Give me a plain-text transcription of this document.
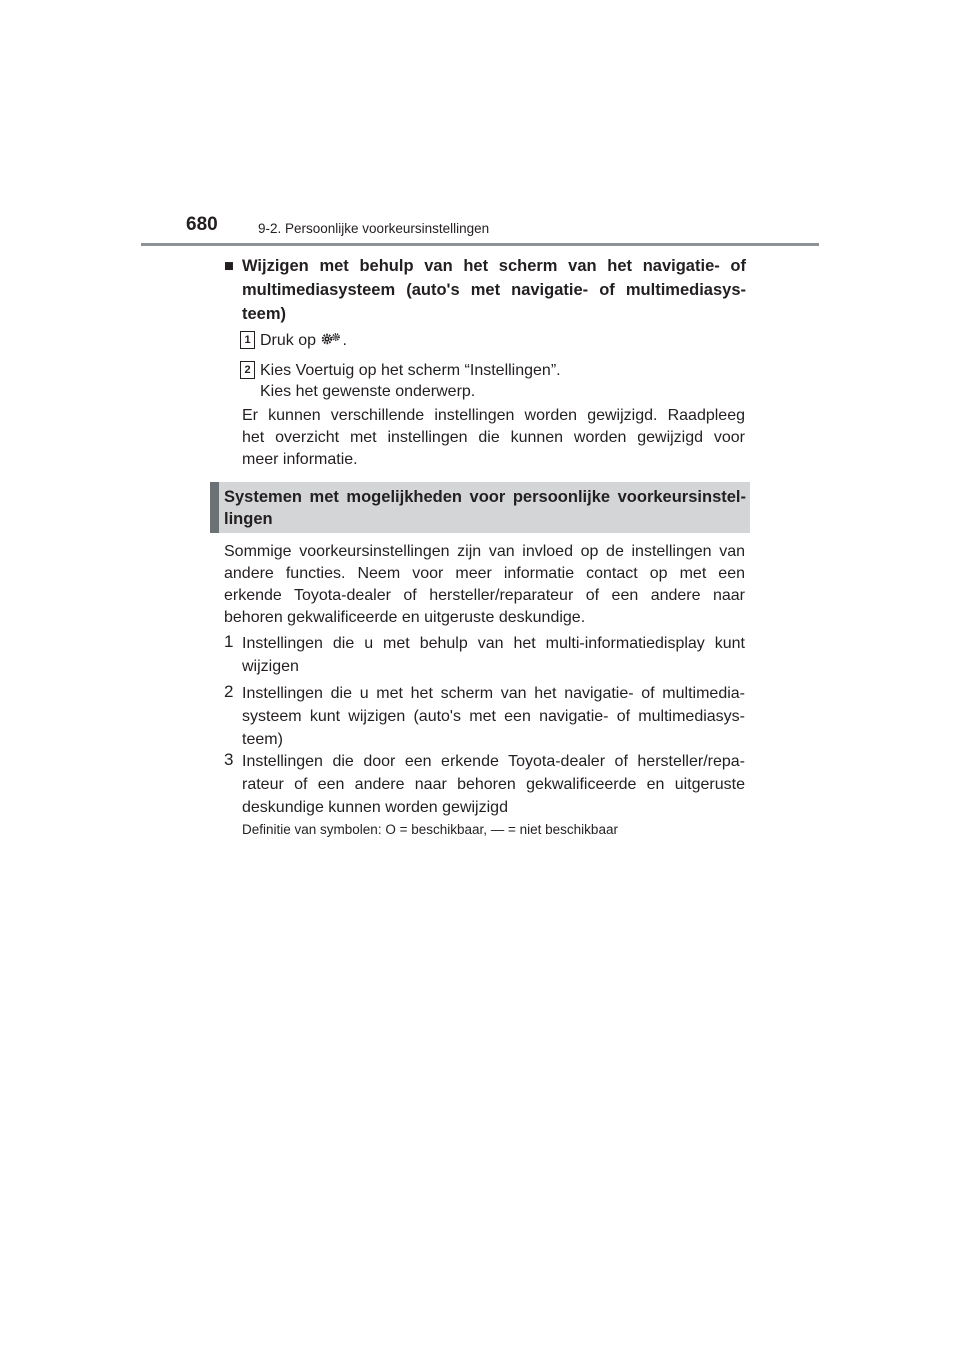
680	9-2. Persoonlijke voorkeursinstellingen
■ Wijzigen met behulp van het scherm van het navigatie- of
multimediasysteem (auto's met navigatie- of multimediasys-
teem)
1 Druk op .
2 Kies Voertuig op het scherm “Instellingen”.
Kies het gewenste onderwerp.
Er kunnen verschillende instellingen worden gewijzigd. Raadpleeg
het overzicht met instellingen die kunnen worden gewijzigd voor
meer informatie.
Systemen met mogelijkheden voor persoonlijke voorkeursinstel-
lingen
Sommige voorkeursinstellingen zijn van invloed op de instellingen van
andere functies. Neem voor meer informatie contact op met een
erkende Toyota-dealer of hersteller/reparateur of een andere naar
behoren gekwalificeerde en uitgeruste deskundige.
1 Instellingen die u met behulp van het multi-informatiedisplay kunt
wijzigen
2 Instellingen die u met het scherm van het navigatie- of multimedia-
systeem kunt wijzigen (auto's met een navigatie- of multimediasys-
teem)
3 Instellingen die door een erkende Toyota-dealer of hersteller/repa-
rateur of een andere naar behoren gekwalificeerde en uitgeruste
deskundige kunnen worden gewijzigd
Definitie van symbolen: O = beschikbaar, — = niet beschikbaar
